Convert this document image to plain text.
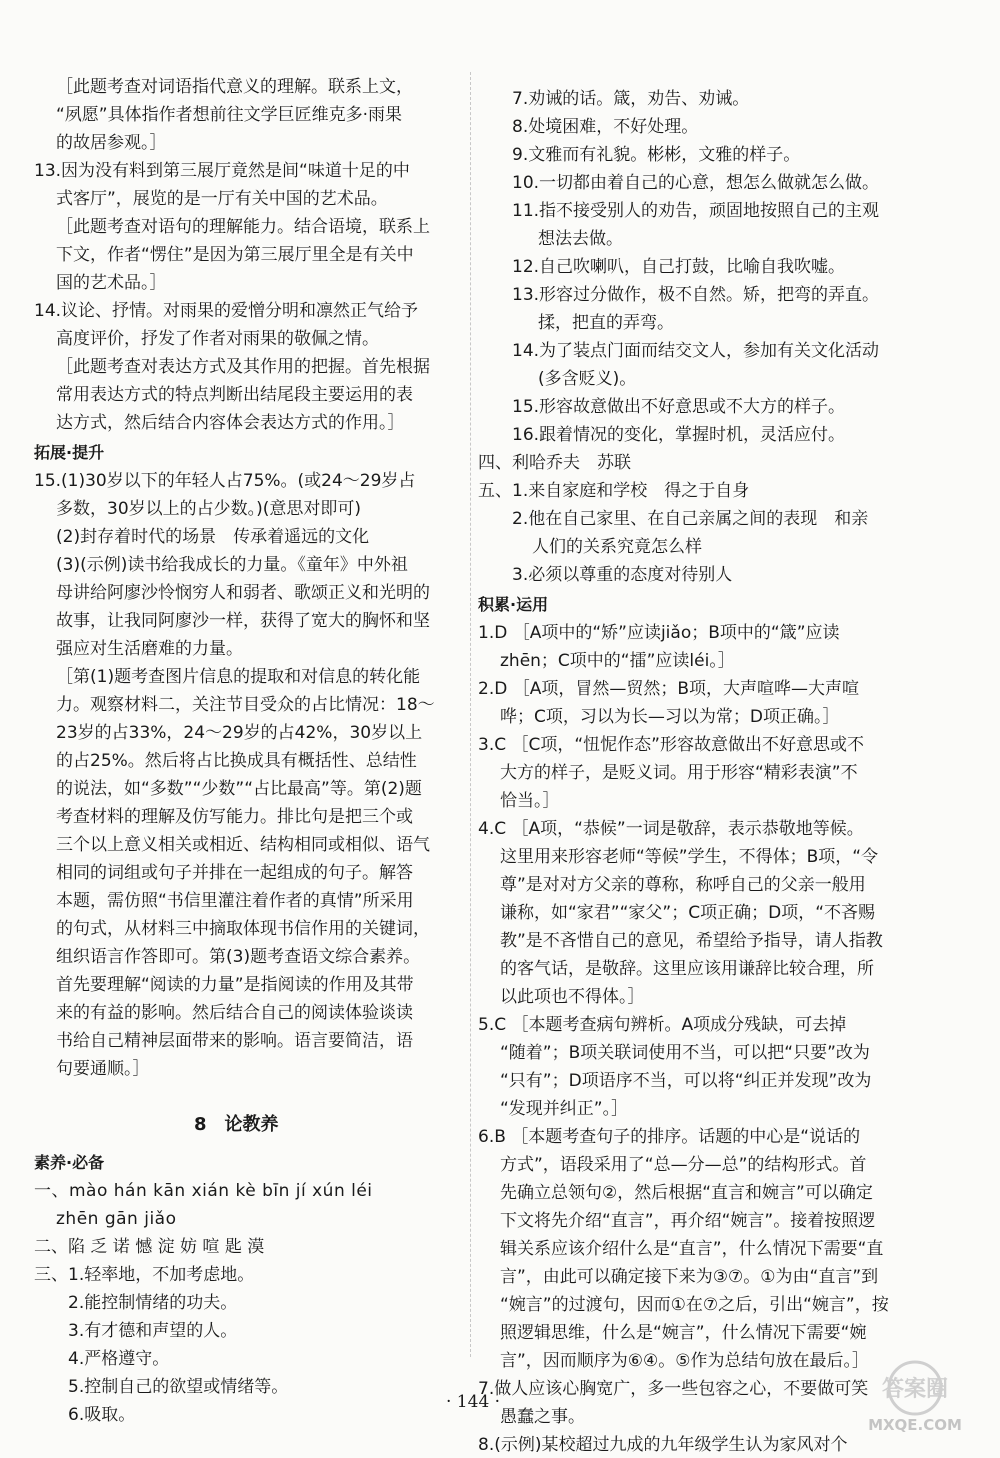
［此题考查对词语指代意义的理解。联系上文，
“夙愿”具体指作者想前往文学巨匠维克多·雨果
的故居参观。］
13.因为没有料到第三展厅竟然是间“味道十足的中
式客厅”，展览的是一厅有关中国的艺术品。
［此题考查对语句的理解能力。结合语境，联系上
下文，作者“愣住”是因为第三展厅里全是有关中
国的艺术品。］
14.议论、抒情。对雨果的爱憎分明和凛然正气给予
高度评价，抒发了作者对雨果的敬佩之情。
［此题考查对表达方式及其作用的把握。首先根据
常用表达方式的特点判断出结尾段主要运用的表
达方式，然后结合内容体会表达方式的作用。］
拓展·提升
15.(1)30岁以下的年轻人占75%。(或24～29岁占
多数，30岁以上的占少数。)(意思对即可)
(2)封存着时代的场景　传承着遥远的文化
(3)(示例)读书给我成长的力量。《童年》中外祖
母讲给阿廖沙怜悯穷人和弱者、歌颂正义和光明的
故事，让我同阿廖沙一样，获得了宽大的胸怀和坚
强应对生活磨难的力量。
［第(1)题考查图片信息的提取和对信息的转化能
力。观察材料二，关注节目受众的占比情况：18～
23岁的占33%，24～29岁的占42%，30岁以上
的占25%。然后将占比换成具有概括性、总结性
的说法，如“多数”“少数”“占比最高”等。第(2)题
考查材料的理解及仿写能力。排比句是把三个或
三个以上意义相关或相近、结构相同或相似、语气
相同的词组或句子并排在一起组成的句子。解答
本题，需仿照“书信里灌注着作者的真情”所采用
的句式，从材料三中摘取体现书信作用的关键词，
组织语言作答即可。第(3)题考查语文综合素养。
首先要理解“阅读的力量”是指阅读的作用及其带
来的有益的影响。然后结合自己的阅读体验谈读
书给自己精神层面带来的影响。语言要简洁，语
句要通顺。］
8　论教养
素养·必备
一、mào hán kān xián kè bīn jí xún léi
zhēn gān jiǎo
二、陷 乏 诺 憾 淀 妨 喧 匙 漠
三、1.轻率地，不加考虑地。
2.能控制情绪的功夫。
3.有才德和声望的人。
4.严格遵守。
5.控制自己的欲望或情绪等。
6.吸取。
7.劝诫的话。箴，劝告、劝诫。
8.处境困难，不好处理。
9.文雅而有礼貌。彬彬，文雅的样子。
10.一切都由着自己的心意，想怎么做就怎么做。
11.指不接受别人的劝告，顽固地按照自己的主观
想法去做。
12.自己吹喇叭，自己打鼓，比喻自我吹嘘。
13.形容过分做作，极不自然。矫，把弯的弄直。
揉，把直的弄弯。
14.为了装点门面而结交文人，参加有关文化活动
(多含贬义)。
15.形容故意做出不好意思或不大方的样子。
16.跟着情况的变化，掌握时机，灵活应付。
四、利哈乔夫　苏联
五、1.来自家庭和学校　得之于自身
2.他在自己家里、在自己亲属之间的表现　和亲
人们的关系究竟怎么样
3.必须以尊重的态度对待别人
积累·运用
1.D ［A项中的“矫”应读jiǎo；B项中的“箴”应读
zhēn；C项中的“擂”应读léi。］
2.D ［A项，冒然—贸然；B项，大声喧哗—大声喧
哗；C项，习以为长—习以为常；D项正确。］
3.C ［C项，“忸怩作态”形容故意做出不好意思或不
大方的样子，是贬义词。用于形容“精彩表演”不
恰当。］
4.C ［A项，“恭候”一词是敬辞，表示恭敬地等候。
这里用来形容老师“等候”学生，不得体；B项，“令
尊”是对对方父亲的尊称，称呼自己的父亲一般用
谦称，如“家君”“家父”；C项正确；D项，“不吝赐
教”是不吝惜自己的意见，希望给予指导，请人指教
的客气话，是敬辞。这里应该用谦辞比较合理，所
以此项也不得体。］
5.C ［本题考查病句辨析。A项成分残缺，可去掉
“随着”；B项关联词使用不当，可以把“只要”改为
“只有”；D项语序不当，可以将“纠正并发现”改为
“发现并纠正”。］
6.B ［本题考查句子的排序。话题的中心是“说话的
方式”，语段采用了“总—分—总”的结构形式。首
先确立总领句②，然后根据“直言和婉言”可以确定
下文将先介绍“直言”，再介绍“婉言”。接着按照逻
辑关系应该介绍什么是“直言”，什么情况下需要“直
言”，由此可以确定接下来为③⑦。①为由“直言”到
“婉言”的过渡句，因而①在⑦之后，引出“婉言”，按
照逻辑思维，什么是“婉言”，什么情况下需要“婉
言”，因而顺序为⑥④。⑤作为总结句放在最后。］
7.做人应该心胸宽广，多一些包容之心，不要做可笑
愚蠢之事。
8.(示例)某校超过九成的九年级学生认为家风对个
· 144 ·	答案圈
MXQE.COM
